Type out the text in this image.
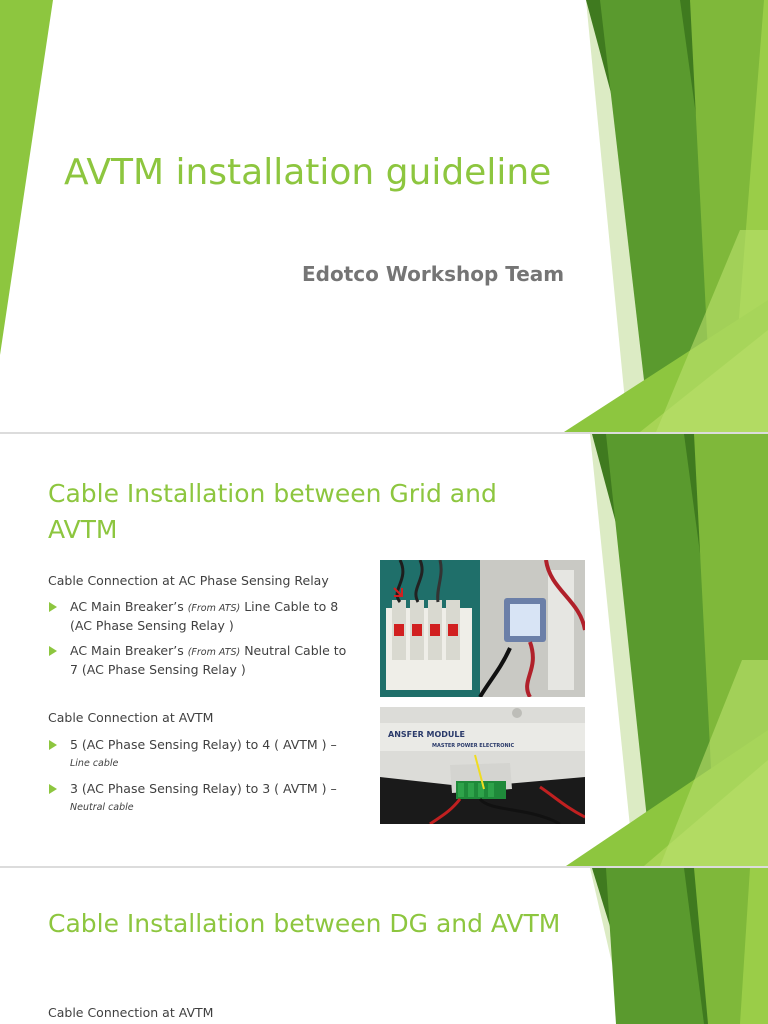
AVTM installation guideline
Edotco Workshop Team
Cable Installation between Grid and AVTM
Cable Connection at AC Phase Sensing Relay
AC Main Breaker’s (From ATS) Line Cable to 8 (AC Phase Sensing Relay )
AC Main Breaker’s (From ATS) Neutral Cable to 7 (AC Phase Sensing Relay )
Cable Connection at AVTM
5 (AC Phase Sensing Relay) to 4 ( AVTM ) –
Line cable
3 (AC Phase Sensing Relay) to 3 ( AVTM ) –
Neutral cable
ANSFER MODULE
MASTER POWER ELECTRONIC
Cable Installation between DG and AVTM
Cable Connection at AVTM
